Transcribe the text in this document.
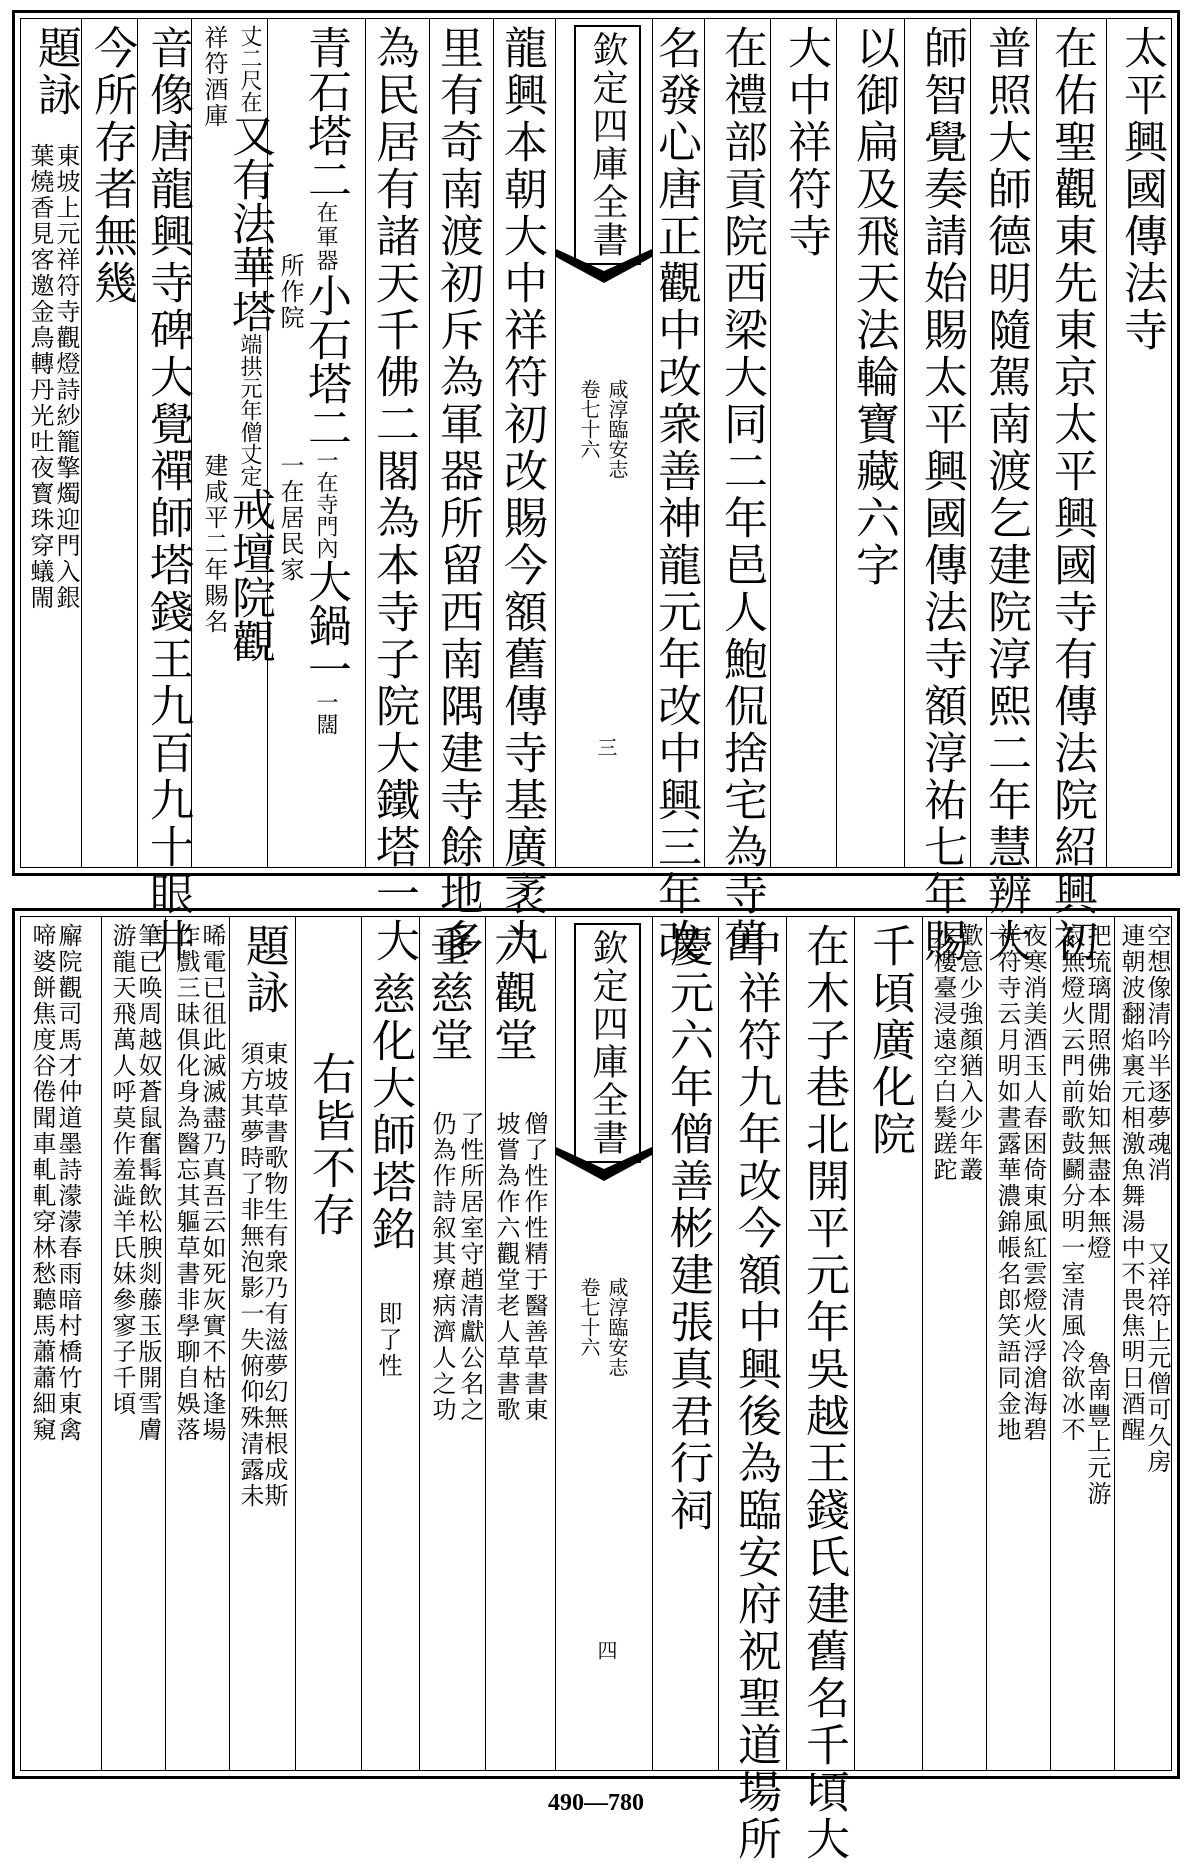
太平興國傳法寺
在佑聖觀東先東京太平興國寺有傳法院紹興初
普照大師德明隨駕南渡乞建院淳熙二年慧辨大
師智覺奏請始賜太平興國傳法寺額淳祐七年賜
以御扁及飛天法輪寶藏六字
大中祥符寺
在禮部貢院西梁大同二年邑人鮑侃捨宅為寺舊
名發心唐正觀中改衆善神龍元年改中興三年改
欽定四庫全書
咸淳臨安志
卷七十六
三
龍興本朝大中祥符初改賜今額舊傳寺基廣袤九
里有奇南渡初斥為軍器所留西南隅建寺餘地多
為民居有諸天千佛二閣為本寺子院大鐵塔一大
青石塔二在軍器小石塔二一在寺門內大鍋一一闊
所作院
一在居民家
丈二尺在又有法華塔端拱元年僧丈定戒壇院觀
祥符酒庫
建咸平二年賜名
音像唐龍興寺碑大覺禪師塔錢王九百九十眼井
今所存者無幾
題詠
東坡上元祥符寺觀燈詩紗籠擎燭迎門入銀
葉燒香見客邀金鳥轉丹光吐夜寳珠穿蟻閙
連朝波翻焰裏元相激魚舞湯中不畏焦明日酒醒
空想像清吟半逐夢魂消
又祥符上元僧可久房
寂無燈火云門前歌鼓鬬分明一室清風冷欲冰不
把琉璃閒照佛始知無盡本無燈
魯南豐上元游
祥符寺云月明如晝露華濃錦帳名郎笑語同金地
夜寒消美酒玉人春困倚東風紅雲燈火浮滄海碧
水樓臺浸遠空白髮蹉跎
歡意少強顏猶入少年叢
千頃廣化院
在木子巷北開平元年吳越王錢氏建舊名千頃大
中祥符九年改今額中興後為臨安府祝聖道場所
慶元六年僧善彬建張真君行祠
欽定四庫全書
咸淳臨安志
卷七十六
四
六觀堂
僧了性作性精于醫善草書東
坡嘗為作六觀堂老人草書歌
垂慈堂
了性所居室守趙清獻公名之
仍為作詩叙其療病濟人之功
慈化大師塔銘
即了性
右皆不存
題詠
東坡草書歌物生有衆乃有滋夢幻無根成斯
須方其夢時了非無泡影一失俯仰殊清露未
晞電已徂此滅滅盡乃真吾云如死灰實不枯逢場
作戲三昧俱化身為醫忘其軀草書非學聊自娛落
筆已唤周越奴蒼鼠奮髯飲松腴剡藤玉版開雪膚
游龍天飛萬人呼莫作羞澁羊氏妹參寥子千頃
廨院觀司馬才仲道墨詩濛濛春雨暗村橋竹東禽
啼婆餅焦度谷倦聞車軋軋穿林愁聽馬蕭蕭細窺
490—780
